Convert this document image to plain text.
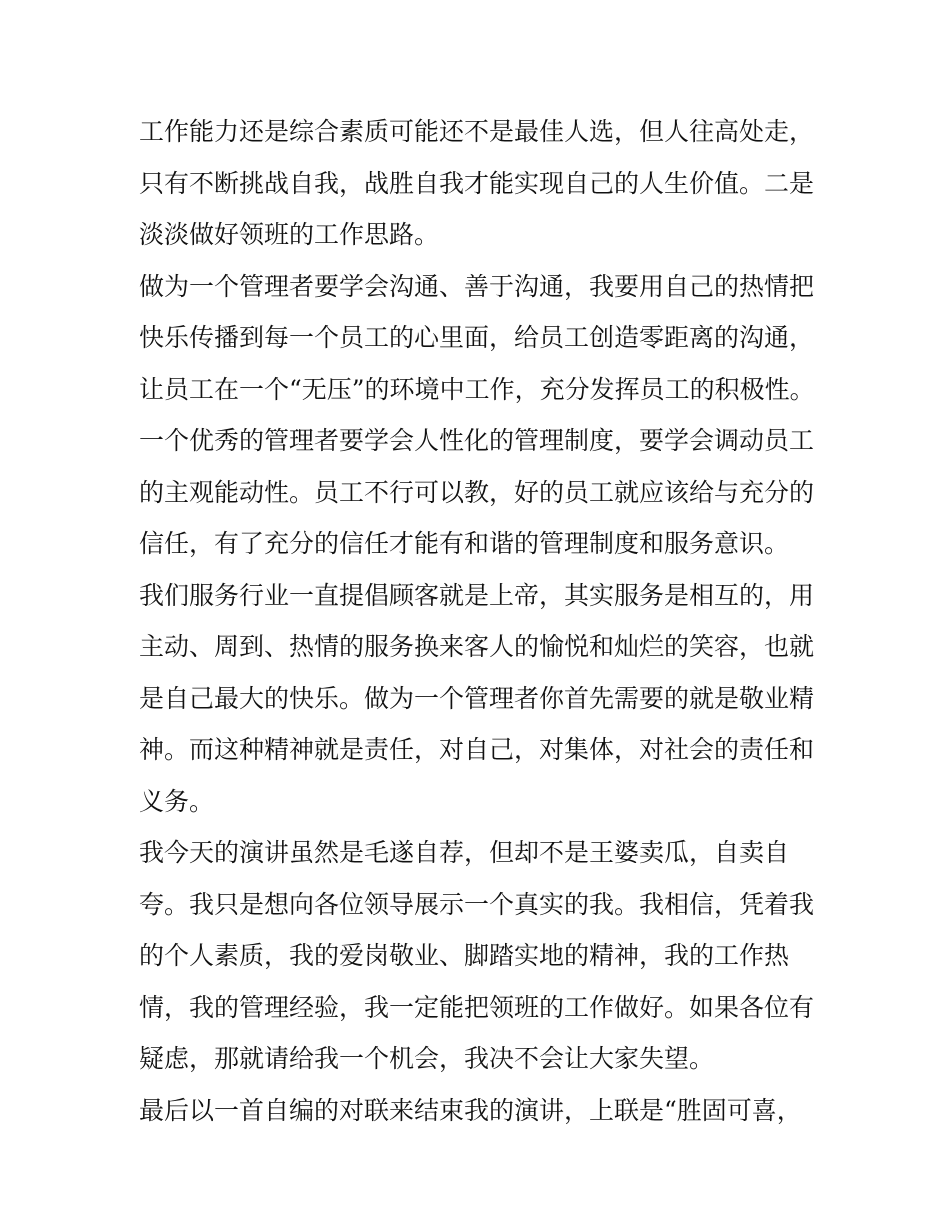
工作能力还是综合素质可能还不是最佳人选，但人往高处走，
只有不断挑战自我，战胜自我才能实现自己的人生价值。二是
淡淡做好领班的工作思路。
做为一个管理者要学会沟通、善于沟通，我要用自己的热情把
快乐传播到每一个员工的心里面，给员工创造零距离的沟通，
让员工在一个“无压”的环境中工作，充分发挥员工的积极性。
一个优秀的管理者要学会人性化的管理制度，要学会调动员工
的主观能动性。员工不行可以教，好的员工就应该给与充分的
信任，有了充分的信任才能有和谐的管理制度和服务意识。
我们服务行业一直提倡顾客就是上帝，其实服务是相互的，用
主动、周到、热情的服务换来客人的愉悦和灿烂的笑容，也就
是自己最大的快乐。做为一个管理者你首先需要的就是敬业精
神。而这种精神就是责任，对自己，对集体，对社会的责任和
义务。
我今天的演讲虽然是毛遂自荐，但却不是王婆卖瓜，自卖自
夸。我只是想向各位领导展示一个真实的我。我相信，凭着我
的个人素质，我的爱岗敬业、脚踏实地的精神，我的工作热
情，我的管理经验，我一定能把领班的工作做好。如果各位有
疑虑，那就请给我一个机会，我决不会让大家失望。
最后以一首自编的对联来结束我的演讲，上联是“胜固可喜，
